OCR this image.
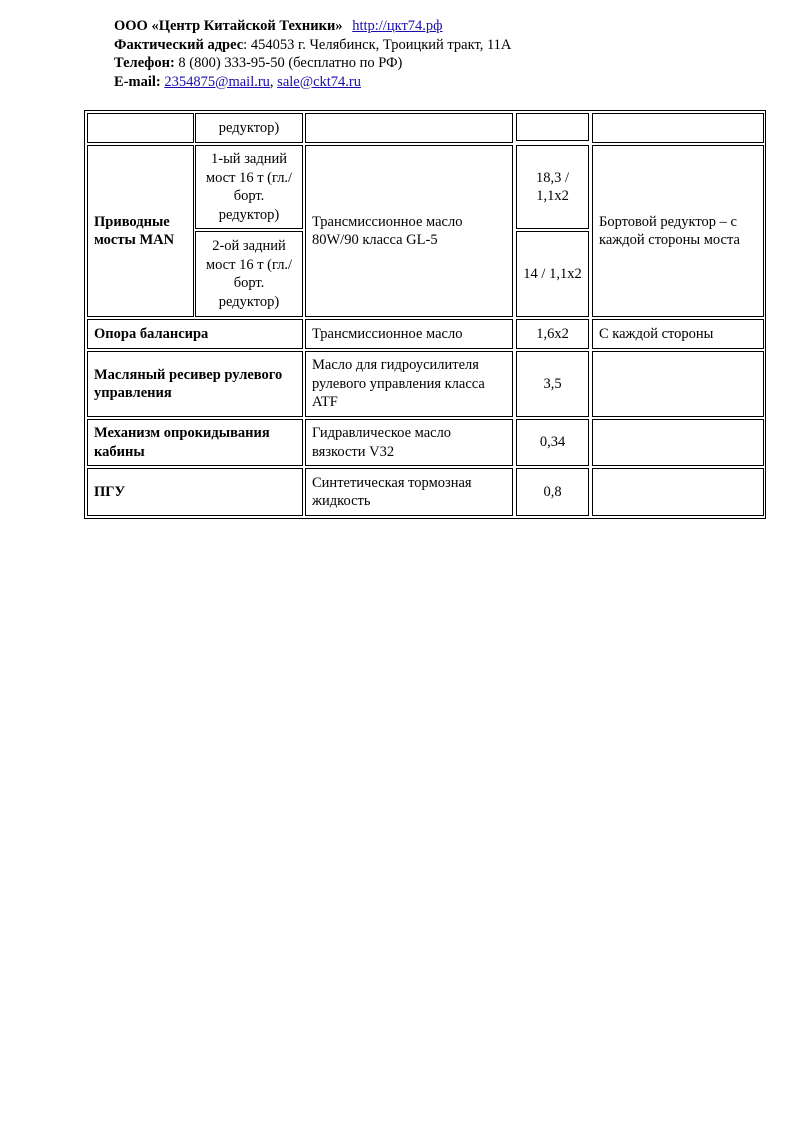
ООО «Центр Китайской Техники» http://цкт74.рф
Фактический адрес: 454053 г. Челябинск, Троицкий тракт, 11А
Телефон: 8 (800) 333-95-50 (бесплатно по РФ)
E-mail: 2354875@mail.ru, sale@ckt74.ru
редуктор)
Приводные мосты MAN
1-ый задний мост 16 т (гл./борт. редуктор)
2-ой задний мост 16 т (гл./борт. редуктор)
Трансмиссионное масло 80W/90 класса GL-5
18,3 / 1,1х2
14 / 1,1х2
Бортовой редуктор – с каждой стороны моста
Опора балансира	Трансмиссионное масло	1,6х2 С каждой стороны
Масляный ресивер рулевого управления
Масло для гидроусилителя рулевого управления класса ATF
3,5
Механизм опрокидывания кабины
Гидравлическое масло вязкости V32
0,34
ПГУ
Синтетическая тормозная жидкость
0,8
